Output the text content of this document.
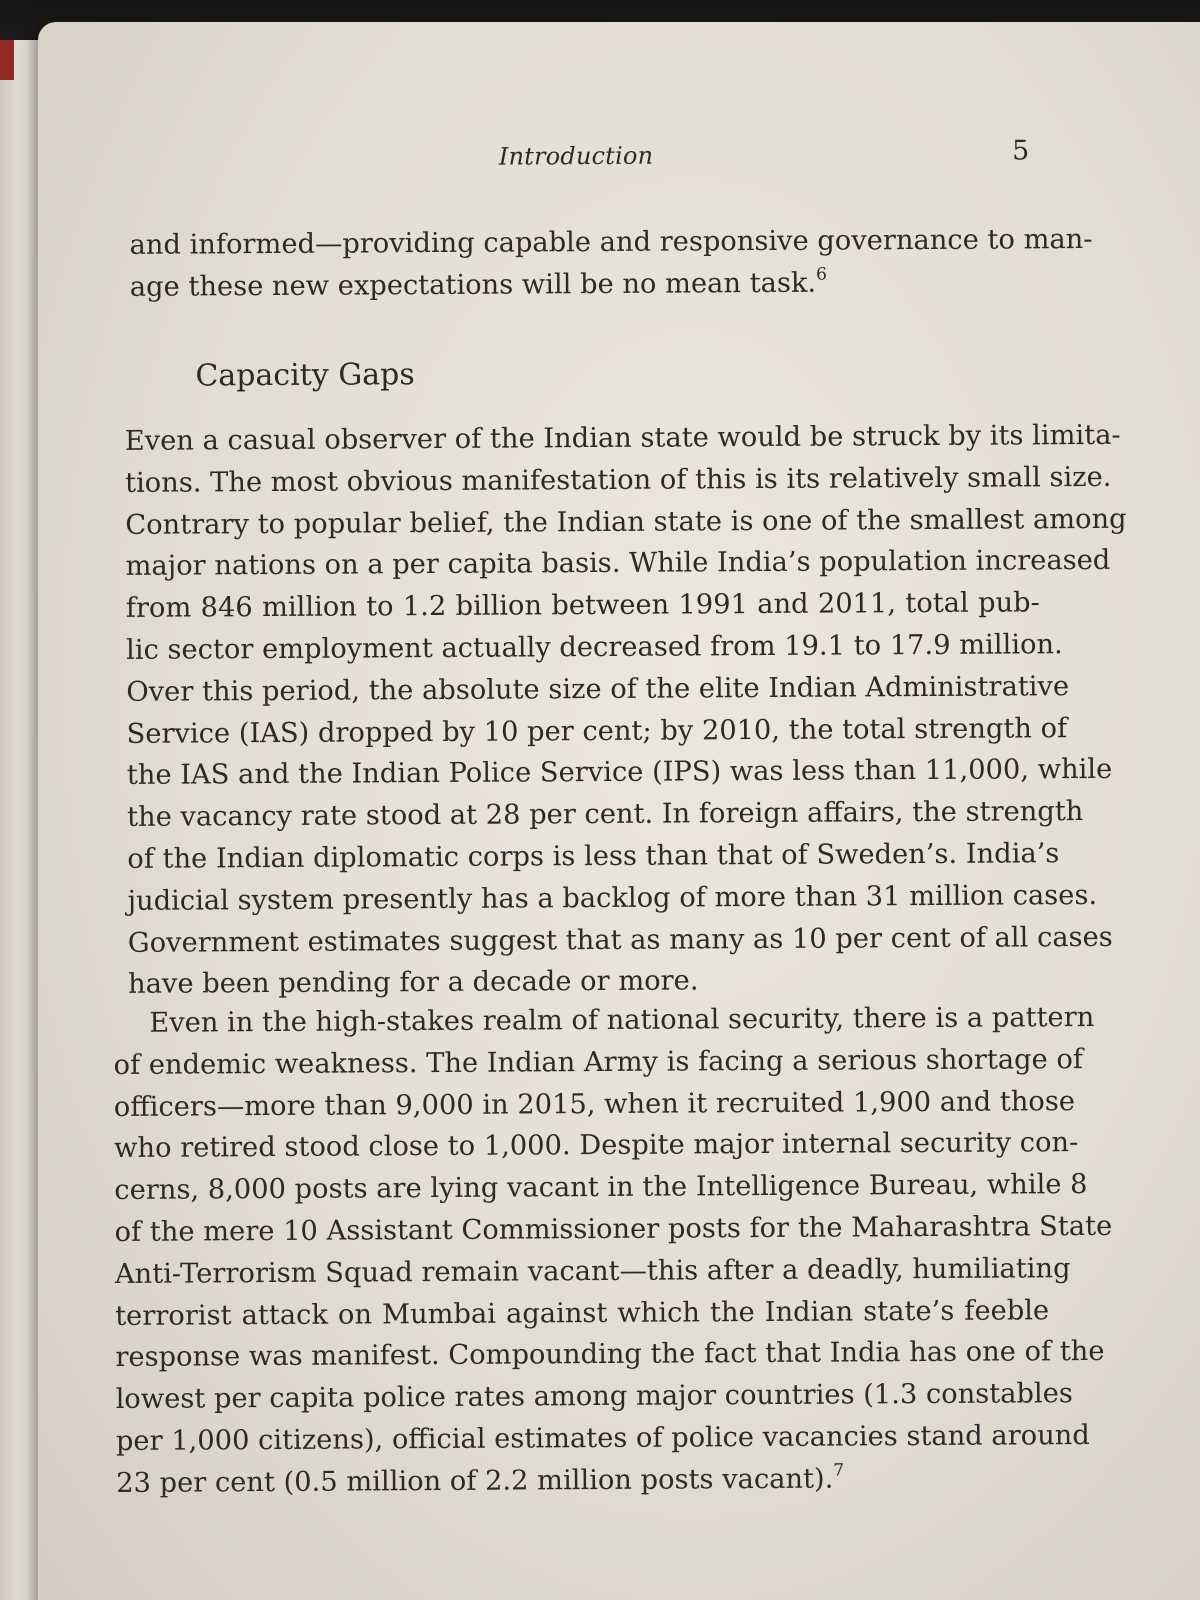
Introduction	5

and informed—providing capable and responsive governance to man-
age these new expectations will be no mean task.$^6$

Capacity Gaps

Even a casual observer of the Indian state would be struck by its limita-
tions. The most obvious manifestation of this is its relatively small size.
Contrary to popular belief, the Indian state is one of the smallest among
major nations on a per capita basis. While India’s population increased
from 846 million to 1.2 billion between 1991 and 2011, total pub-
lic sector employment actually decreased from 19.1 to 17.9 million.
Over this period, the absolute size of the elite Indian Administrative
Service (IAS) dropped by 10 per cent; by 2010, the total strength of
the IAS and the Indian Police Service (IPS) was less than 11,000, while
the vacancy rate stood at 28 per cent. In foreign affairs, the strength
of the Indian diplomatic corps is less than that of Sweden’s. India’s
judicial system presently has a backlog of more than 31 million cases.
Government estimates suggest that as many as 10 per cent of all cases
have been pending for a decade or more.

Even in the high-stakes realm of national security, there is a pattern
of endemic weakness. The Indian Army is facing a serious shortage of
officers—more than 9,000 in 2015, when it recruited 1,900 and those
who retired stood close to 1,000. Despite major internal security con-
cerns, 8,000 posts are lying vacant in the Intelligence Bureau, while 8
of the mere 10 Assistant Commissioner posts for the Maharashtra State
Anti-Terrorism Squad remain vacant—this after a deadly, humiliating
terrorist attack on Mumbai against which the Indian state’s feeble
response was manifest. Compounding the fact that India has one of the
lowest per capita police rates among major countries (1.3 constables
per 1,000 citizens), official estimates of police vacancies stand around
23 per cent (0.5 million of 2.2 million posts vacant).$^7$
